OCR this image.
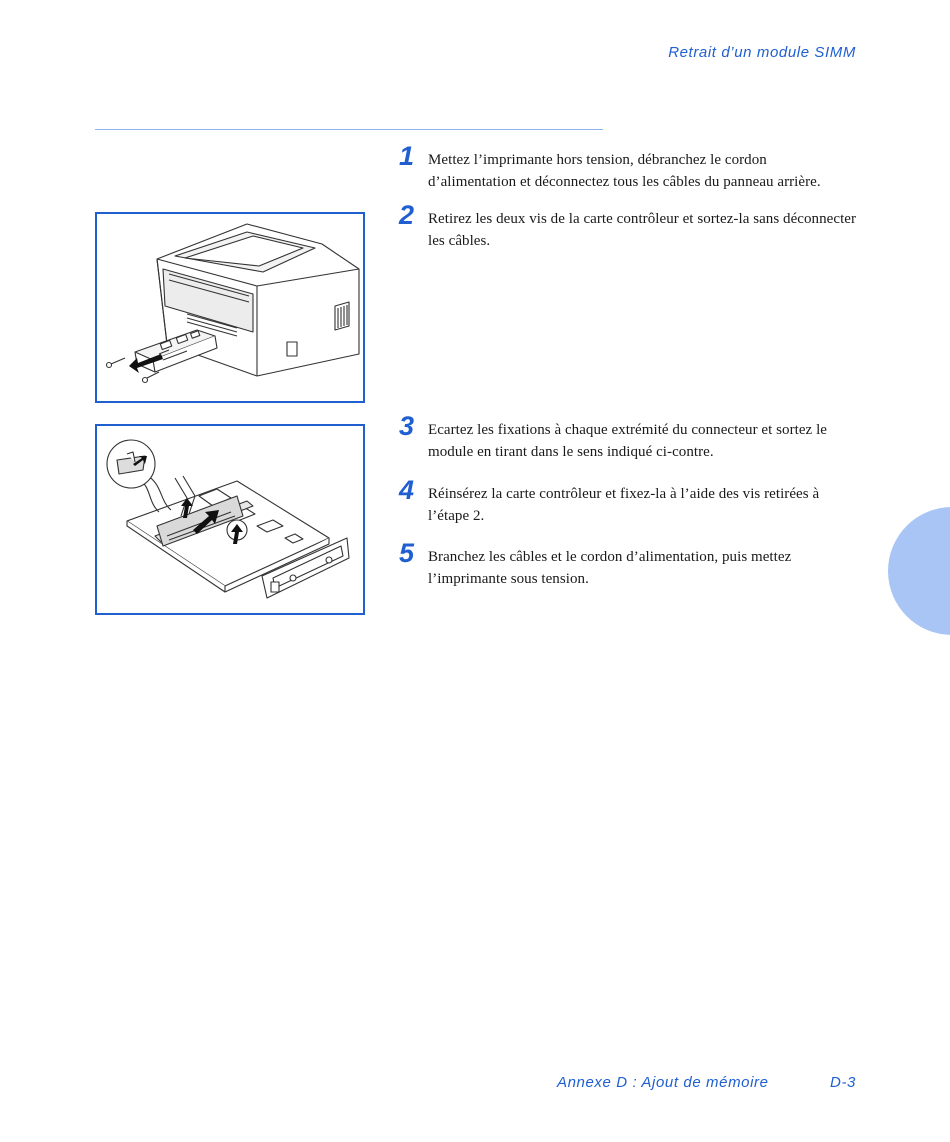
Retrait d’un module SIMM
1 Mettez l’imprimante hors tension, débranchez le cordon d’alimentation et déconnectez tous les câbles du panneau arrière.
2 Retirez les deux vis de la carte contrôleur et sortez-la sans déconnecter les câbles.
3 Ecartez les fixations à chaque extrémité du connecteur et sortez le module en tirant dans le sens indiqué ci-contre.
4 Réinsérez la carte contrôleur et fixez-la à l’aide des vis retirées à l’étape 2.
5 Branchez les câbles et le cordon d’alimentation, puis mettez l’imprimante sous tension.
Annexe D : Ajout de mémoire	D-3
